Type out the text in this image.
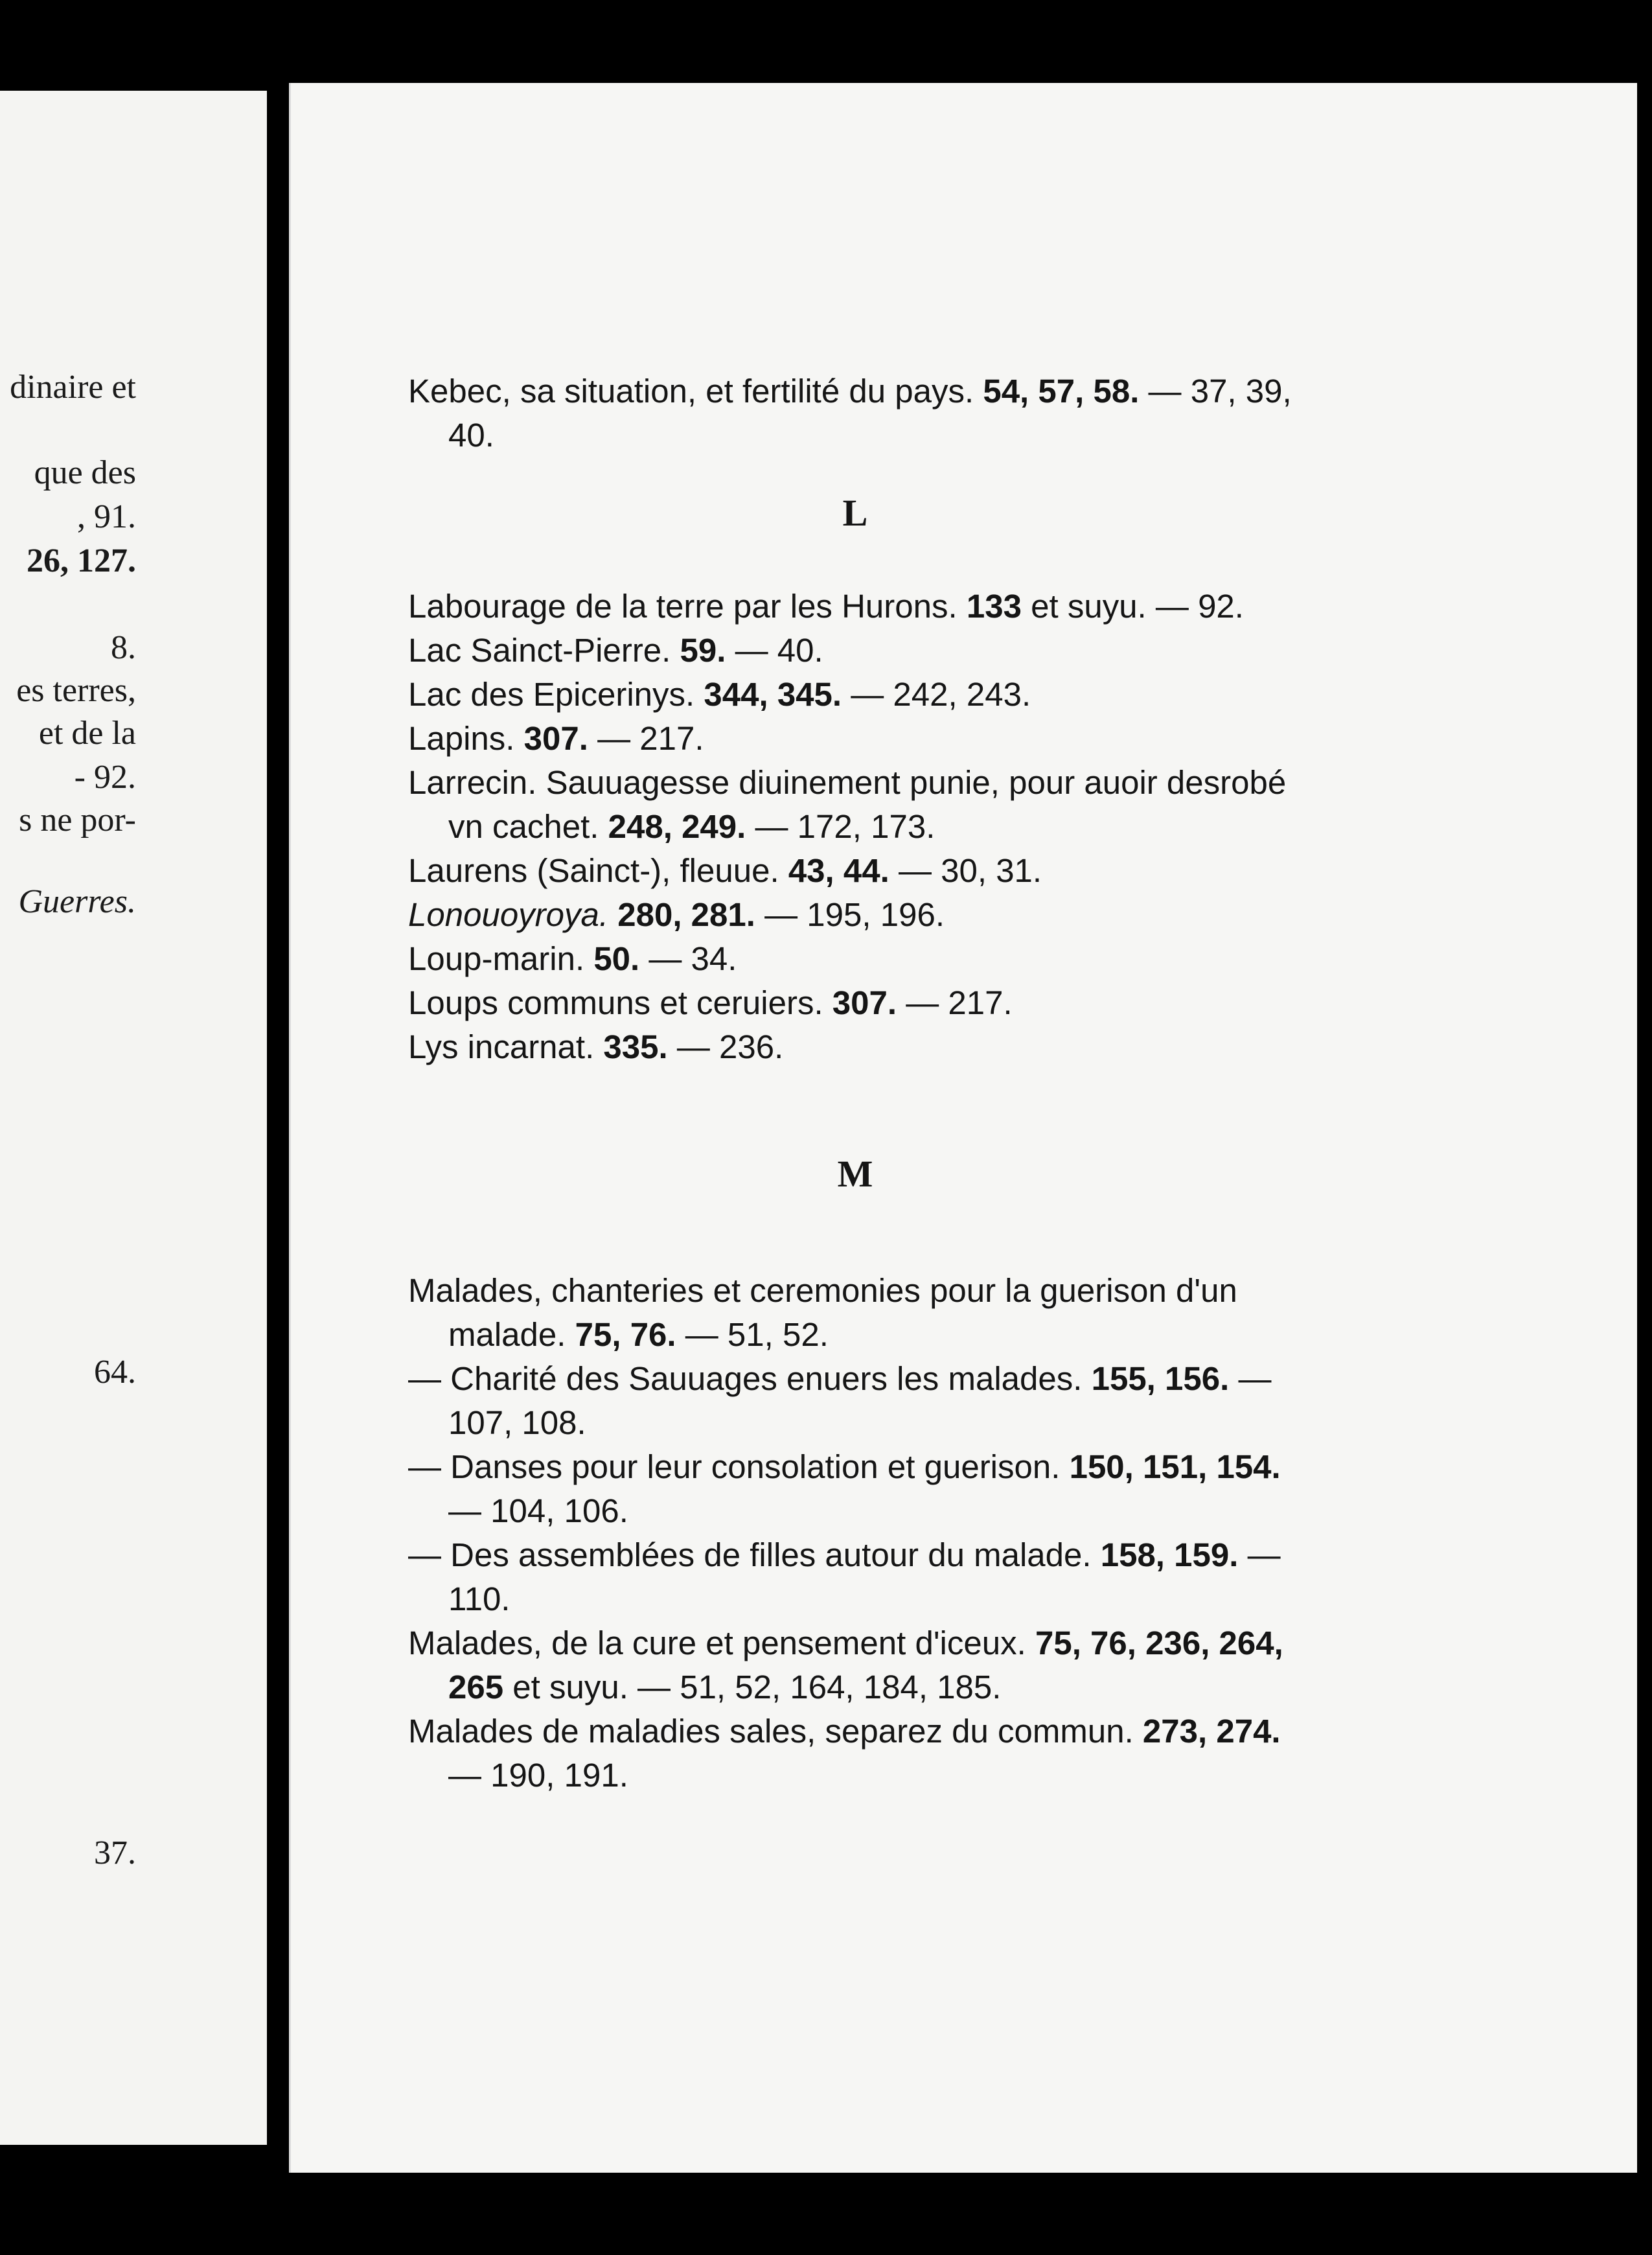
dinaire et
que des
, 91.
26, 127.
8.
es terres,
et de la
- 92.
s ne por-
Guerres.
64.
37.

Kebec, sa situation, et fertilité du pays. 54, 57, 58. — 37, 39, 40.

L

Labourage de la terre par les Hurons. 133 et suyu. — 92.

Lac Sainct-Pierre. 59. — 40.

Lac des Epicerinys. 344, 345. — 242, 243.

Lapins. 307. — 217.

Larrecin. Sauuagesse diuinement punie, pour auoir desrobé vn cachet. 248, 249. — 172, 173.

Laurens (Sainct-), fleuue. 43, 44. — 30, 31.

Lonouoyroya. 280, 281. — 195, 196.

Loup-marin. 50. — 34.

Loups communs et ceruiers. 307. — 217.

Lys incarnat. 335. — 236.

M

Malades, chanteries et ceremonies pour la guerison d'un malade. 75, 76. — 51, 52.

— Charité des Sauuages enuers les malades. 155, 156. — 107, 108.

— Danses pour leur consolation et guerison. 150, 151, 154. — 104, 106.

— Des assemblées de filles autour du malade. 158, 159. — 110.

Malades, de la cure et pensement d'iceux. 75, 76, 236, 264, 265 et suyu. — 51, 52, 164, 184, 185.

Malades de maladies sales, separez du commun. 273, 274. — 190, 191.
